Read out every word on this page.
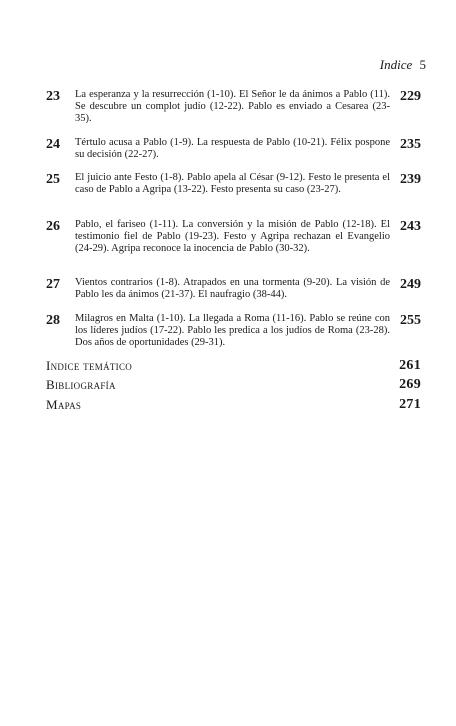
Indice 5
23 La esperanza y la resurrección (1-10). El Señor le da ánimos a Pablo (11). Se descubre un complot judío (12-22). Pablo es enviado a Cesarea (23-35).
229
24 Tértulo acusa a Pablo (1-9). La respuesta de Pablo (10-21). Félix pospone su decisión (22-27).
235
25 El juicio ante Festo (1-8). Pablo apela al César (9-12). Festo le presenta el caso de Pablo a Agripa (13-22). Festo presenta su caso (23-27).
239
26 Pablo, el fariseo (1-11). La conversión y la misión de Pablo (12-18). El testimonio fiel de Pablo (19-23). Festo y Agripa rechazan el Evangelio (24-29). Agripa reconoce la inocencia de Pablo (30-32).
243
27 Vientos contrarios (1-8). Atrapados en una tormenta (9-20). La visión de Pablo les da ánimos (21-37). El naufragio (38-44).
249
28 Milagros en Malta (1-10). La llegada a Roma (11-16). Pablo se reúne con los líderes judíos (17-22). Pablo les predica a los judíos de Roma (23-28). Dos años de oportunidades (29-31).
255
Indice temático	261
Bibliografía	269
Mapas	271
